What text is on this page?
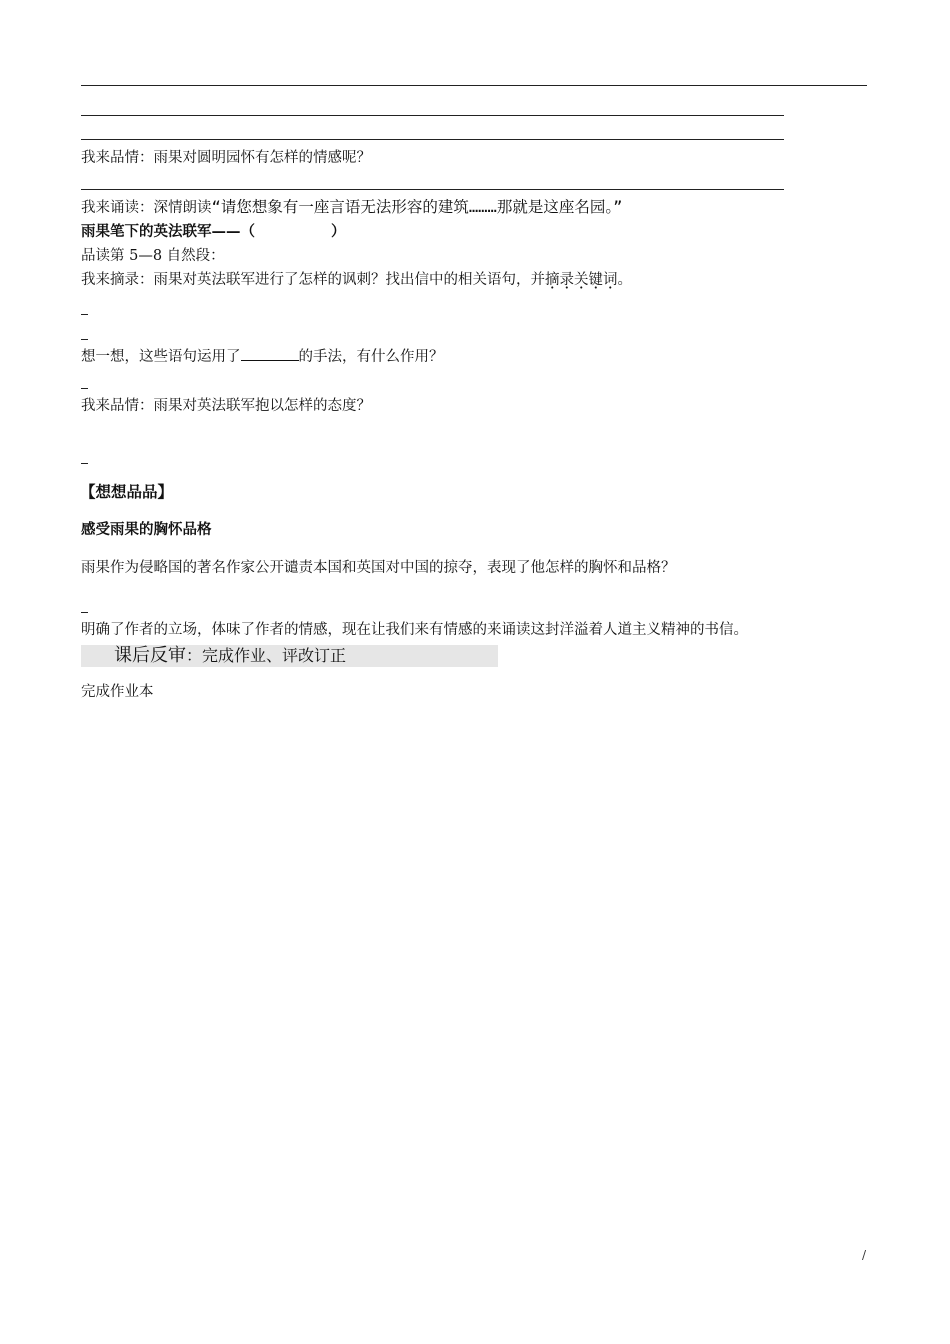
我来品情：雨果对圆明园怀有怎样的情感呢？
我来诵读：深情朗读“请您想象有一座言语无法形容的建筑………那就是这座名园。”
雨果笔下的英法联军——（	）
品读第 5—8 自然段：
我来摘录：雨果对英法联军进行了怎样的讽刺？找出信中的相关语句，并摘录关键词。
想一想，这些语句运用了	的手法，有什么作用？
我来品情：雨果对英法联军抱以怎样的态度？
【想想品品】
感受雨果的胸怀品格
雨果作为侵略国的著名作家公开谴责本国和英国对中国的掠夺，表现了他怎样的胸怀和品格？
明确了作者的立场，体味了作者的情感，现在让我们来有情感的来诵读这封洋溢着人道主义精神的书信。
课后反审：完成作业、评改订正
完成作业本
/
